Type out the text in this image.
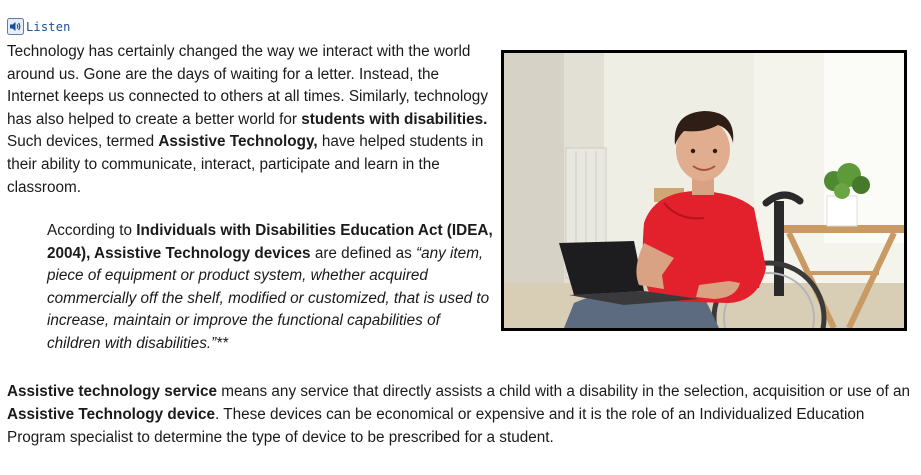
Listen

Technology has certainly changed the way we interact with the world around us. Gone are the days of waiting for a letter. Instead, the Internet keeps us connected to others at all times. Similarly, technology has also helped to create a better world for students with disabilities. Such devices, termed Assistive Technology, have helped students in their ability to communicate, interact, participate and learn in the classroom.

According to Individuals with Disabilities Education Act (IDEA, 2004), Assistive Technology devices are defined as “any item, piece of equipment or product system, whether acquired commercially off the shelf, modified or customized, that is used to increase, maintain or improve the functional capabilities of children with disabilities.”**

Assistive technology service means any service that directly assists a child with a disability in the selection, acquisition or use of an Assistive Technology device. These devices can be economical or expensive and it is the role of an Individualized Education Program specialist to determine the type of device to be prescribed for a student.
